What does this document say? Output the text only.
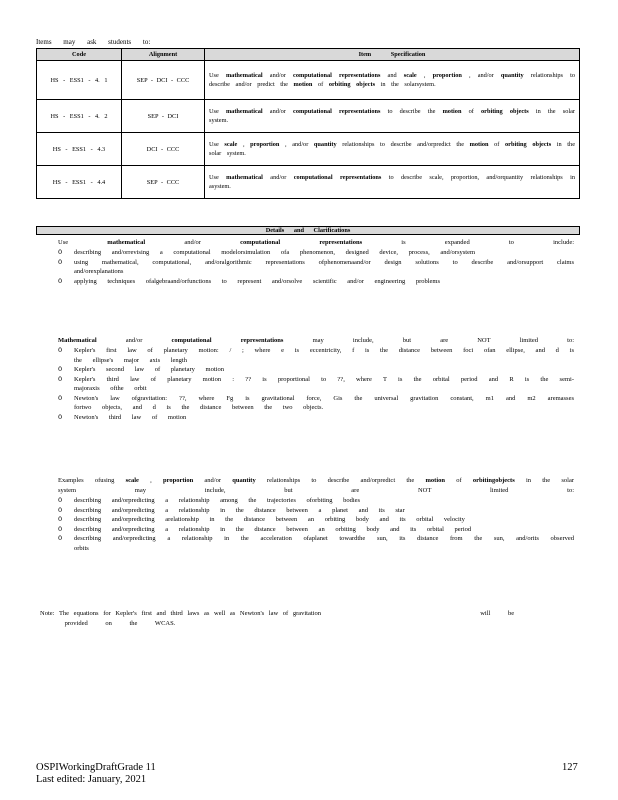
Items may ask students to:
Code	Alignment	Item Specification
HS - ESS1 - 4. 1	SEP - DCI - CCC	Use mathematical and/or computational representations and scale , proportion , and/or quantity relationships to describe and/or predict the motion of orbiting objects in the solarsystem.
HS - ESS1 - 4. 2	SEP - DCI	Use mathematical and/or computational representations to describe the motion of orbiting objects in the solar system.
HS - ESS1 - 4.3	DCI - CCC	Use scale , proportion , and/or quantity relationships to describe and/orpredict the motion of orbiting objects in the solar system.
HS - ESS1 - 4.4	SEP - CCC	Use mathematical and/or computational representations to describe scale, proportion, and/orquantity relationships in asystem.
Details and Clarifications
Use mathematical and/or computational	representations is expanded to include:
0 describing and/orrevising a computational modelorsimulation ofa phenomenon, designed device, process, and/orsystem
0 using mathematical, computational, and/oralgorithmic representations ofphenomenaand/or design solutions to describe and/orsupport claims and/orexplanations
0 applying techniques ofalgebraand/orfunctions to represent and/orsolve scientific and/or engineering problems
Mathematical and/or computational	representations may include, but are NOT limited to:
0 Kepler's first law of planetary motion: / ; where e is eccentricity, f is the distance between foci ofan ellipse, and d is the ellipse's major axis length
0 Kepler's second law of planetary motion
0 Kepler's third law of planetary motion : ?? is proportional to ??, where T is the orbital period and R is the semi- majoraxis ofthe orbit
0 Newton's law ofgravitation: ??, where Fg is gravitational force, Gis the universal gravitation constant, m1 and m2 aremasses fortwo objects, and d is the distance between the two objects.
0 Newton's third law of motion
Examples ofusing scale , proportion and/or quantity relationships to describe and/orpredict the motion of orbitingobjects in the solar system may include, but are NOT limited to:
0 describing and/orpredicting a relationship among the trajectories oforbiting bodies
0 describing and/orpredicting a relationship in the distance between a planet and its star
0 describing and/orpredicting arelationship in the distance between an orbiting body and its orbital velocity
0 describing and/orpredicting a relationship in the distance between an orbiting body and its orbital period
0 describing and/orpredicting a relationship in the acceleration ofaplanet towardthe sun, its distance from the sun, and/orits observed orbits
Note: The equations for Kepler's first and third laws as well as Newton's law of gravitation	will be
provided on the WCAS.
OSPIWorkingDraftGrade 11
Last edited: January, 2021
127
